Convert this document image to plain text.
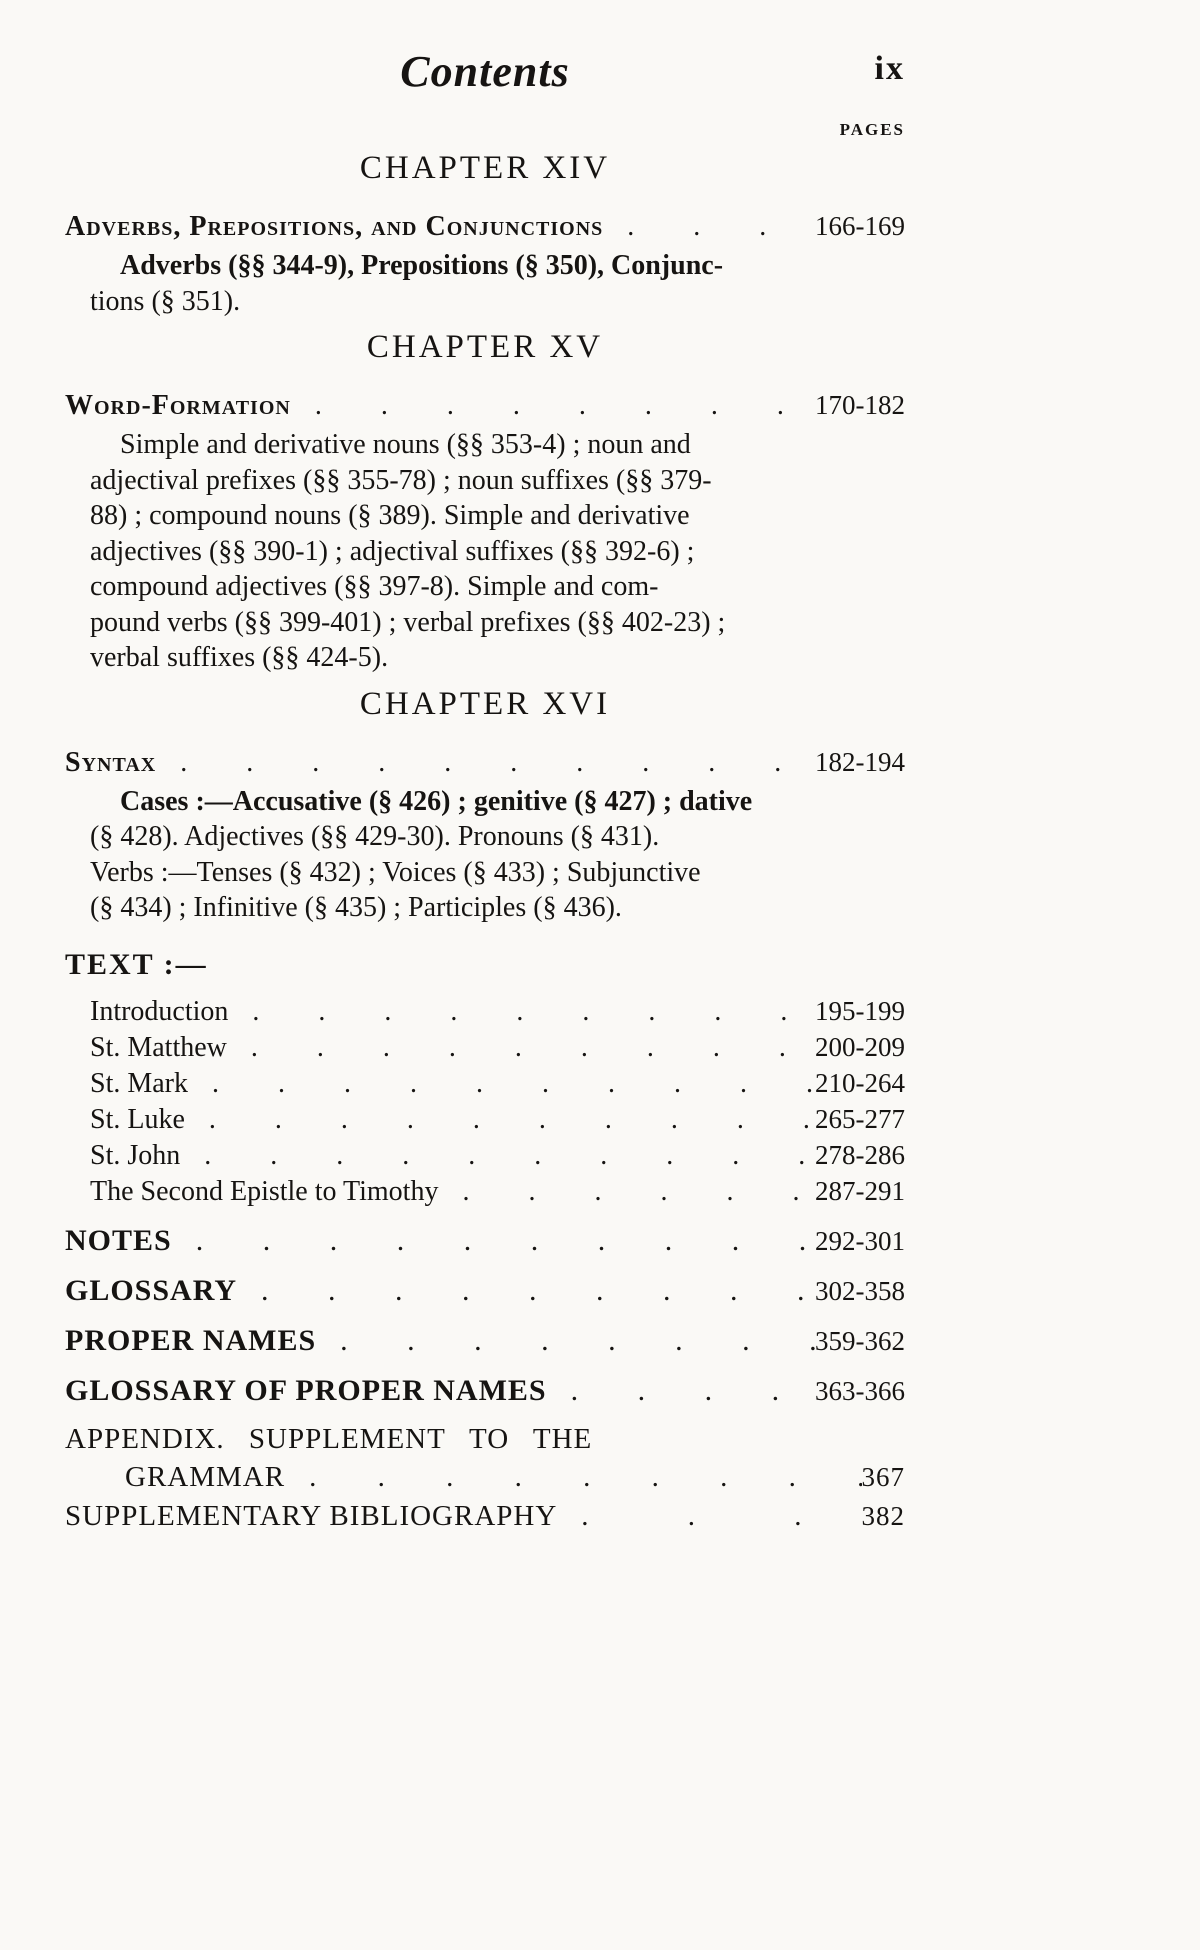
Contents	ix
PAGES
CHAPTER XIV
Adverbs, Prepositions, and Conjunctions . . .	166-169
Adverbs (§§ 344-9), Prepositions (§ 350), Conjunc-
tions (§ 351).
CHAPTER XV
Word-Formation . . .	170-182
Simple and derivative nouns (§§ 353-4) ; noun and
adjectival prefixes (§§ 355-78) ; noun suffixes (§§ 379-
88) ; compound nouns (§ 389). Simple and derivative
adjectives (§§ 390-1) ; adjectival suffixes (§§ 392-6) ;
compound adjectives (§§ 397-8). Simple and com-
pound verbs (§§ 399-401) ; verbal prefixes (§§ 402-23) ;
verbal suffixes (§§ 424-5).
CHAPTER XVI
Syntax . . .	182-194
Cases :—Accusative (§ 426) ; genitive (§ 427) ; dative
(§ 428). Adjectives (§§ 429-30). Pronouns (§ 431).
Verbs :—Tenses (§ 432) ; Voices (§ 433) ; Subjunctive
(§ 434) ; Infinitive (§ 435) ; Participles (§ 436).
TEXT :—
Introduction . . .	195-199
St. Matthew . . .	200-209
St. Mark . . .	210-264
St. Luke . . .	265-277
St. John . . .	278-286
The Second Epistle to Timothy . . .	287-291
NOTES . . .	292-301
GLOSSARY . . .	302-358
PROPER NAMES . . .	359-362
GLOSSARY OF PROPER NAMES . . .	363-366
APPENDIX. SUPPLEMENT TO THE
GRAMMAR . . .	367
SUPPLEMENTARY BIBLIOGRAPHY . . .	382
